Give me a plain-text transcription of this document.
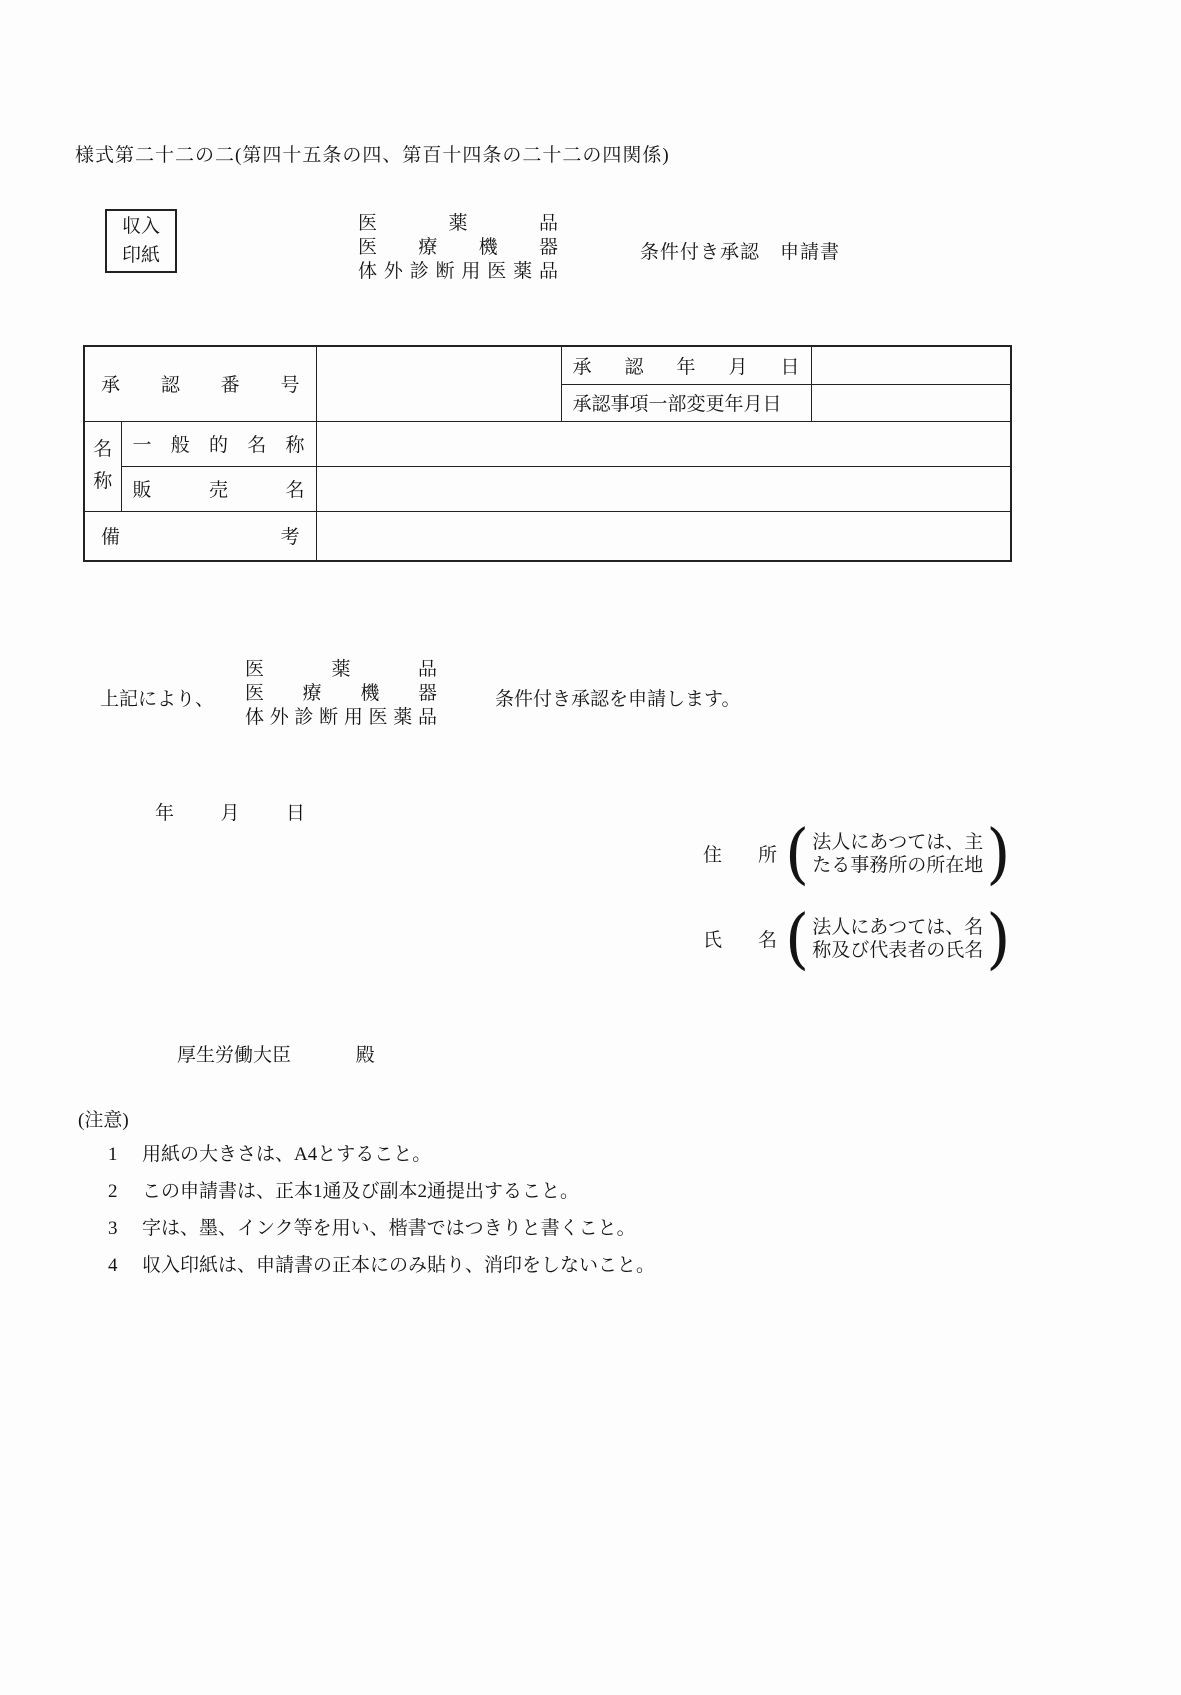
様式第二十二の二(第四十五条の四、第百十四条の二十二の四関係)
収入
印紙
医薬品
医療機器
体外診断用医薬品
条件付き承認　申請書
承認番号			承認年月日	

			承認事項一部変更年月日	

名称	一般的名称			

	販売名			

備考				

上記により、
医薬品
医療機器
体外診断用医薬品
条件付き承認を申請します。
年月日
住所 ( 法人にあつては、主
たる事務所の所在地 )
氏名 ( 法人にあつては、名
称及び代表者の氏名 )
厚生労働大臣	殿
(注意)
1	用紙の大きさは、A4とすること。
2	この申請書は、正本1通及び副本2通提出すること。
3	字は、墨、インク等を用い、楷書ではつきりと書くこと。
4	収入印紙は、申請書の正本にのみ貼り、消印をしないこと。
